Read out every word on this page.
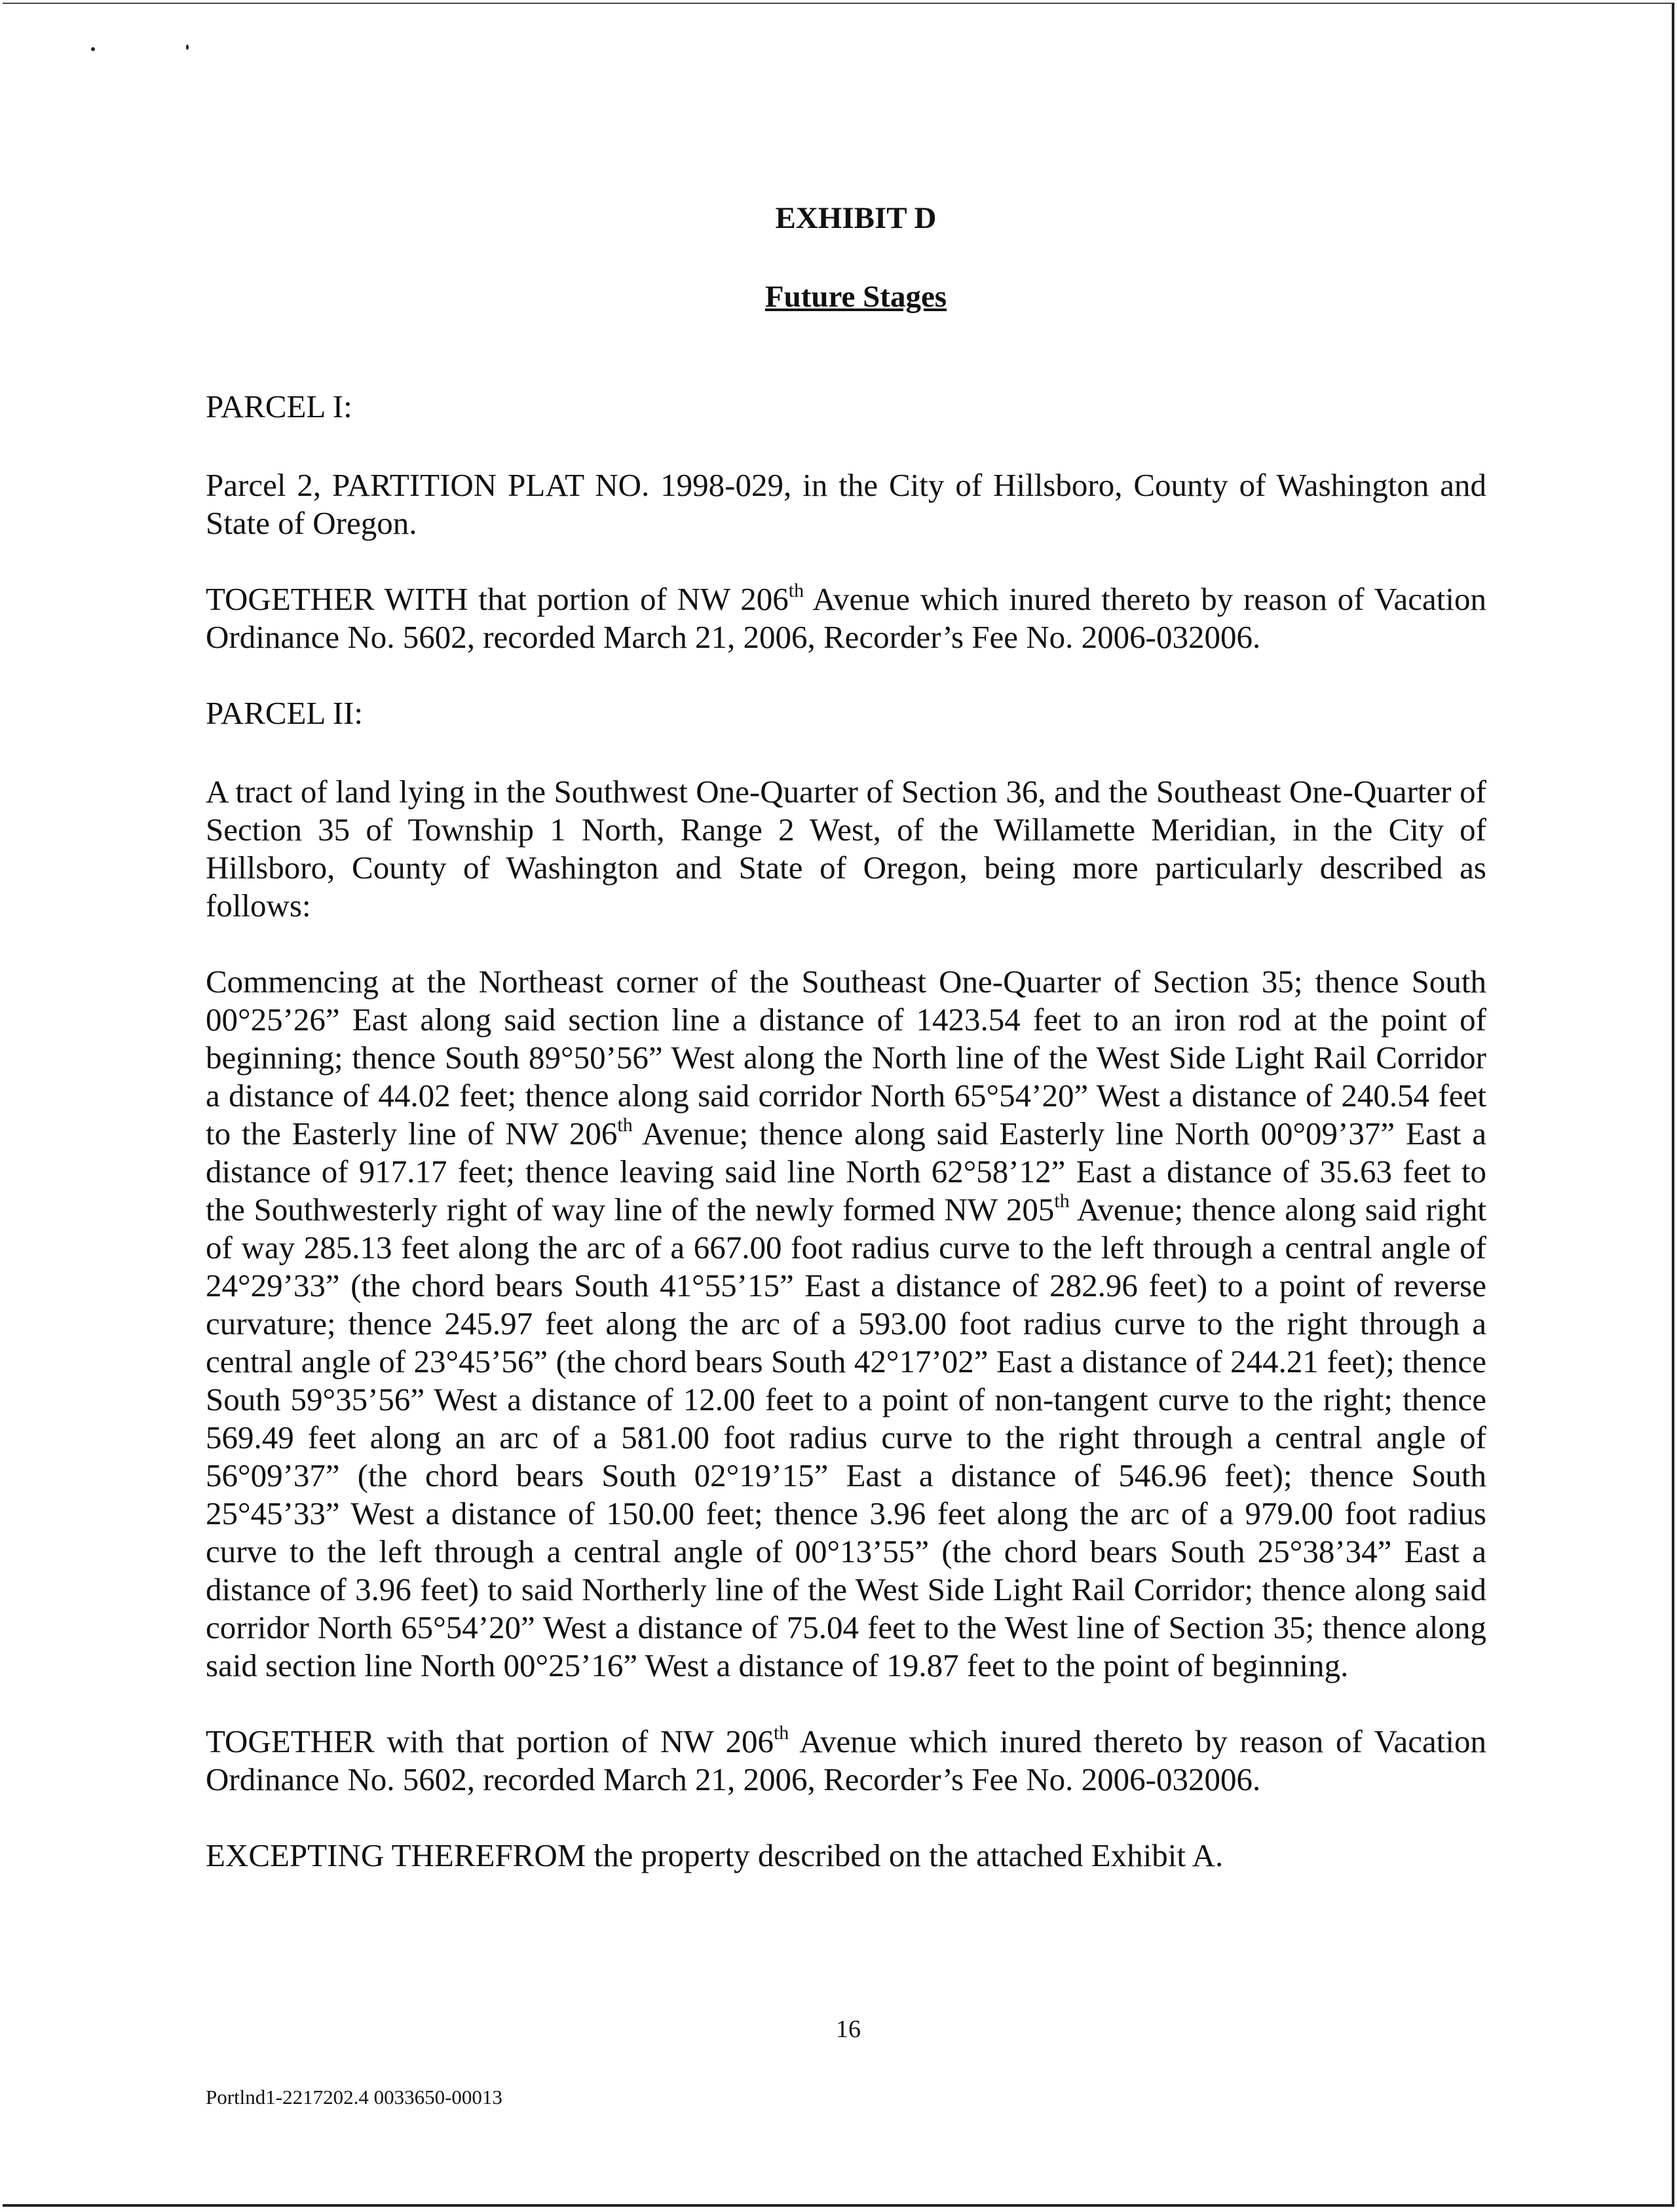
EXHIBIT D
Future Stages
PARCEL I:
Parcel 2, PARTITION PLAT NO. 1998-029, in the City of Hillsboro, County of Washington and State of Oregon.
TOGETHER WITH that portion of NW 206th Avenue which inured thereto by reason of Vacation Ordinance No. 5602, recorded March 21, 2006, Recorder’s Fee No. 2006-032006.
PARCEL II:
A tract of land lying in the Southwest One-Quarter of Section 36, and the Southeast One-Quarter of Section 35 of Township 1 North, Range 2 West, of the Willamette Meridian, in the City of Hillsboro, County of Washington and State of Oregon, being more particularly described as follows:
Commencing at the Northeast corner of the Southeast One-Quarter of Section 35; thence South 00°25’26” East along said section line a distance of 1423.54 feet to an iron rod at the point of beginning; thence South 89°50’56” West along the North line of the West Side Light Rail Corridor a distance of 44.02 feet; thence along said corridor North 65°54’20” West a distance of 240.54 feet to the Easterly line of NW 206th Avenue; thence along said Easterly line North 00°09’37” East a distance of 917.17 feet; thence leaving said line North 62°58’12” East a distance of 35.63 feet to the Southwesterly right of way line of the newly formed NW 205th Avenue; thence along said right of way 285.13 feet along the arc of a 667.00 foot radius curve to the left through a central angle of 24°29’33” (the chord bears South 41°55’15” East a distance of 282.96 feet) to a point of reverse curvature; thence 245.97 feet along the arc of a 593.00 foot radius curve to the right through a central angle of 23°45’56” (the chord bears South 42°17’02” East a distance of 244.21 feet); thence South 59°35’56” West a distance of 12.00 feet to a point of non-tangent curve to the right; thence 569.49 feet along an arc of a 581.00 foot radius curve to the right through a central angle of 56°09’37” (the chord bears South 02°19’15” East a distance of 546.96 feet); thence South 25°45’33” West a distance of 150.00 feet; thence 3.96 feet along the arc of a 979.00 foot radius curve to the left through a central angle of 00°13’55” (the chord bears South 25°38’34” East a distance of 3.96 feet) to said Northerly line of the West Side Light Rail Corridor; thence along said corridor North 65°54’20” West a distance of 75.04 feet to the West line of Section 35; thence along said section line North 00°25’16” West a distance of 19.87 feet to the point of beginning.
TOGETHER with that portion of NW 206th Avenue which inured thereto by reason of Vacation Ordinance No. 5602, recorded March 21, 2006, Recorder’s Fee No. 2006-032006.
EXCEPTING THEREFROM the property described on the attached Exhibit A.
16
Portlnd1-2217202.4 0033650-00013
